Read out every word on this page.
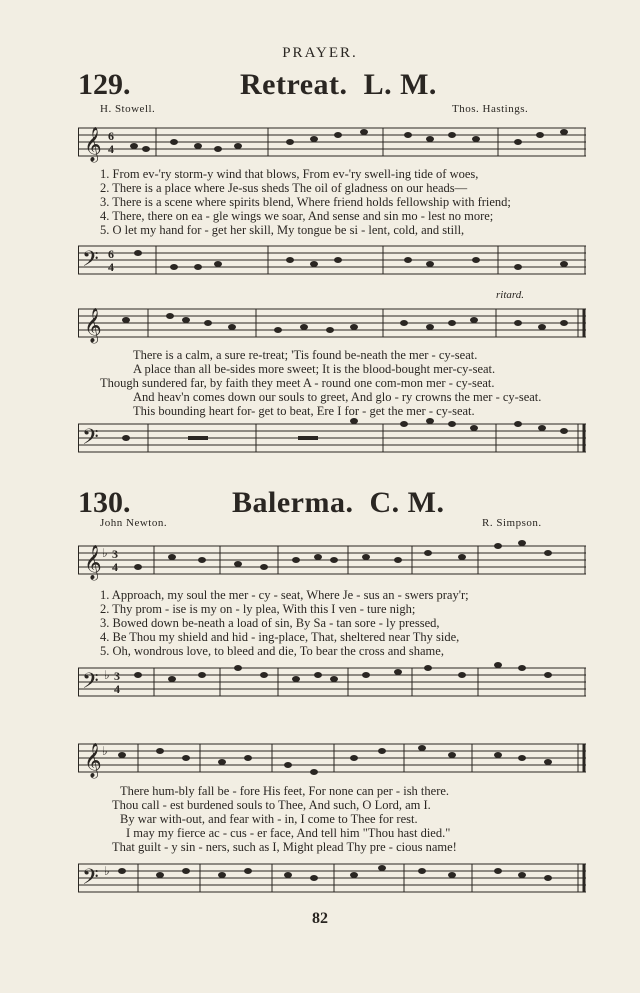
PRAYER.
129.	Retreat. L. M.
H. Stowell.	Thos. Hastings.
𝄞 6
4
1. From ev-'ry storm-y wind that blows, From ev-'ry swell-ing tide of woes,
2. There is a place where Je-sus sheds The oil of gladness on our heads—
3. There is a scene where spirits blend, Where friend holds fellowship with friend;
4. There, there on ea - gle wings we soar, And sense and sin mo - lest no more;
5. O let my hand for - get her skill, My tongue be si - lent, cold, and still,
𝄢 6
4
ritard.
𝄞
There is a calm, a sure re-treat; 'Tis found be-neath the mer - cy-seat.
A place than all be-sides more sweet; It is the blood-bought mer-cy-seat.
Though sundered far, by faith they meet A - round one com-mon mer - cy-seat.
And heav'n comes down our souls to greet, And glo - ry crowns the mer - cy-seat.
This bounding heart for- get to beat, Ere I for - get the mer - cy-seat.
𝄢
130.	Balerma. C. M.
John Newton.	R. Simpson.
𝄞 ♭ 3
4
1. Approach, my soul the mer - cy - seat, Where Je - sus an - swers pray'r;
2. Thy prom - ise is my on - ly plea, With this I ven - ture nigh;
3. Bowed down be-neath a load of sin, By Sa - tan sore - ly pressed,
4. Be Thou my shield and hid - ing-place, That, sheltered near Thy side,
5. Oh, wondrous love, to bleed and die, To bear the cross and shame,
𝄢 ♭ 3
4
𝄞 ♭
There hum-bly fall be - fore His feet, For none can per - ish there.
Thou call - est burdened souls to Thee, And such, O Lord, am I.
By war with-out, and fear with - in, I come to Thee for rest.
I may my fierce ac - cus - er face, And tell him "Thou hast died."
That guilt - y sin - ners, such as I, Might plead Thy pre - cious name!
𝄢 ♭
82
